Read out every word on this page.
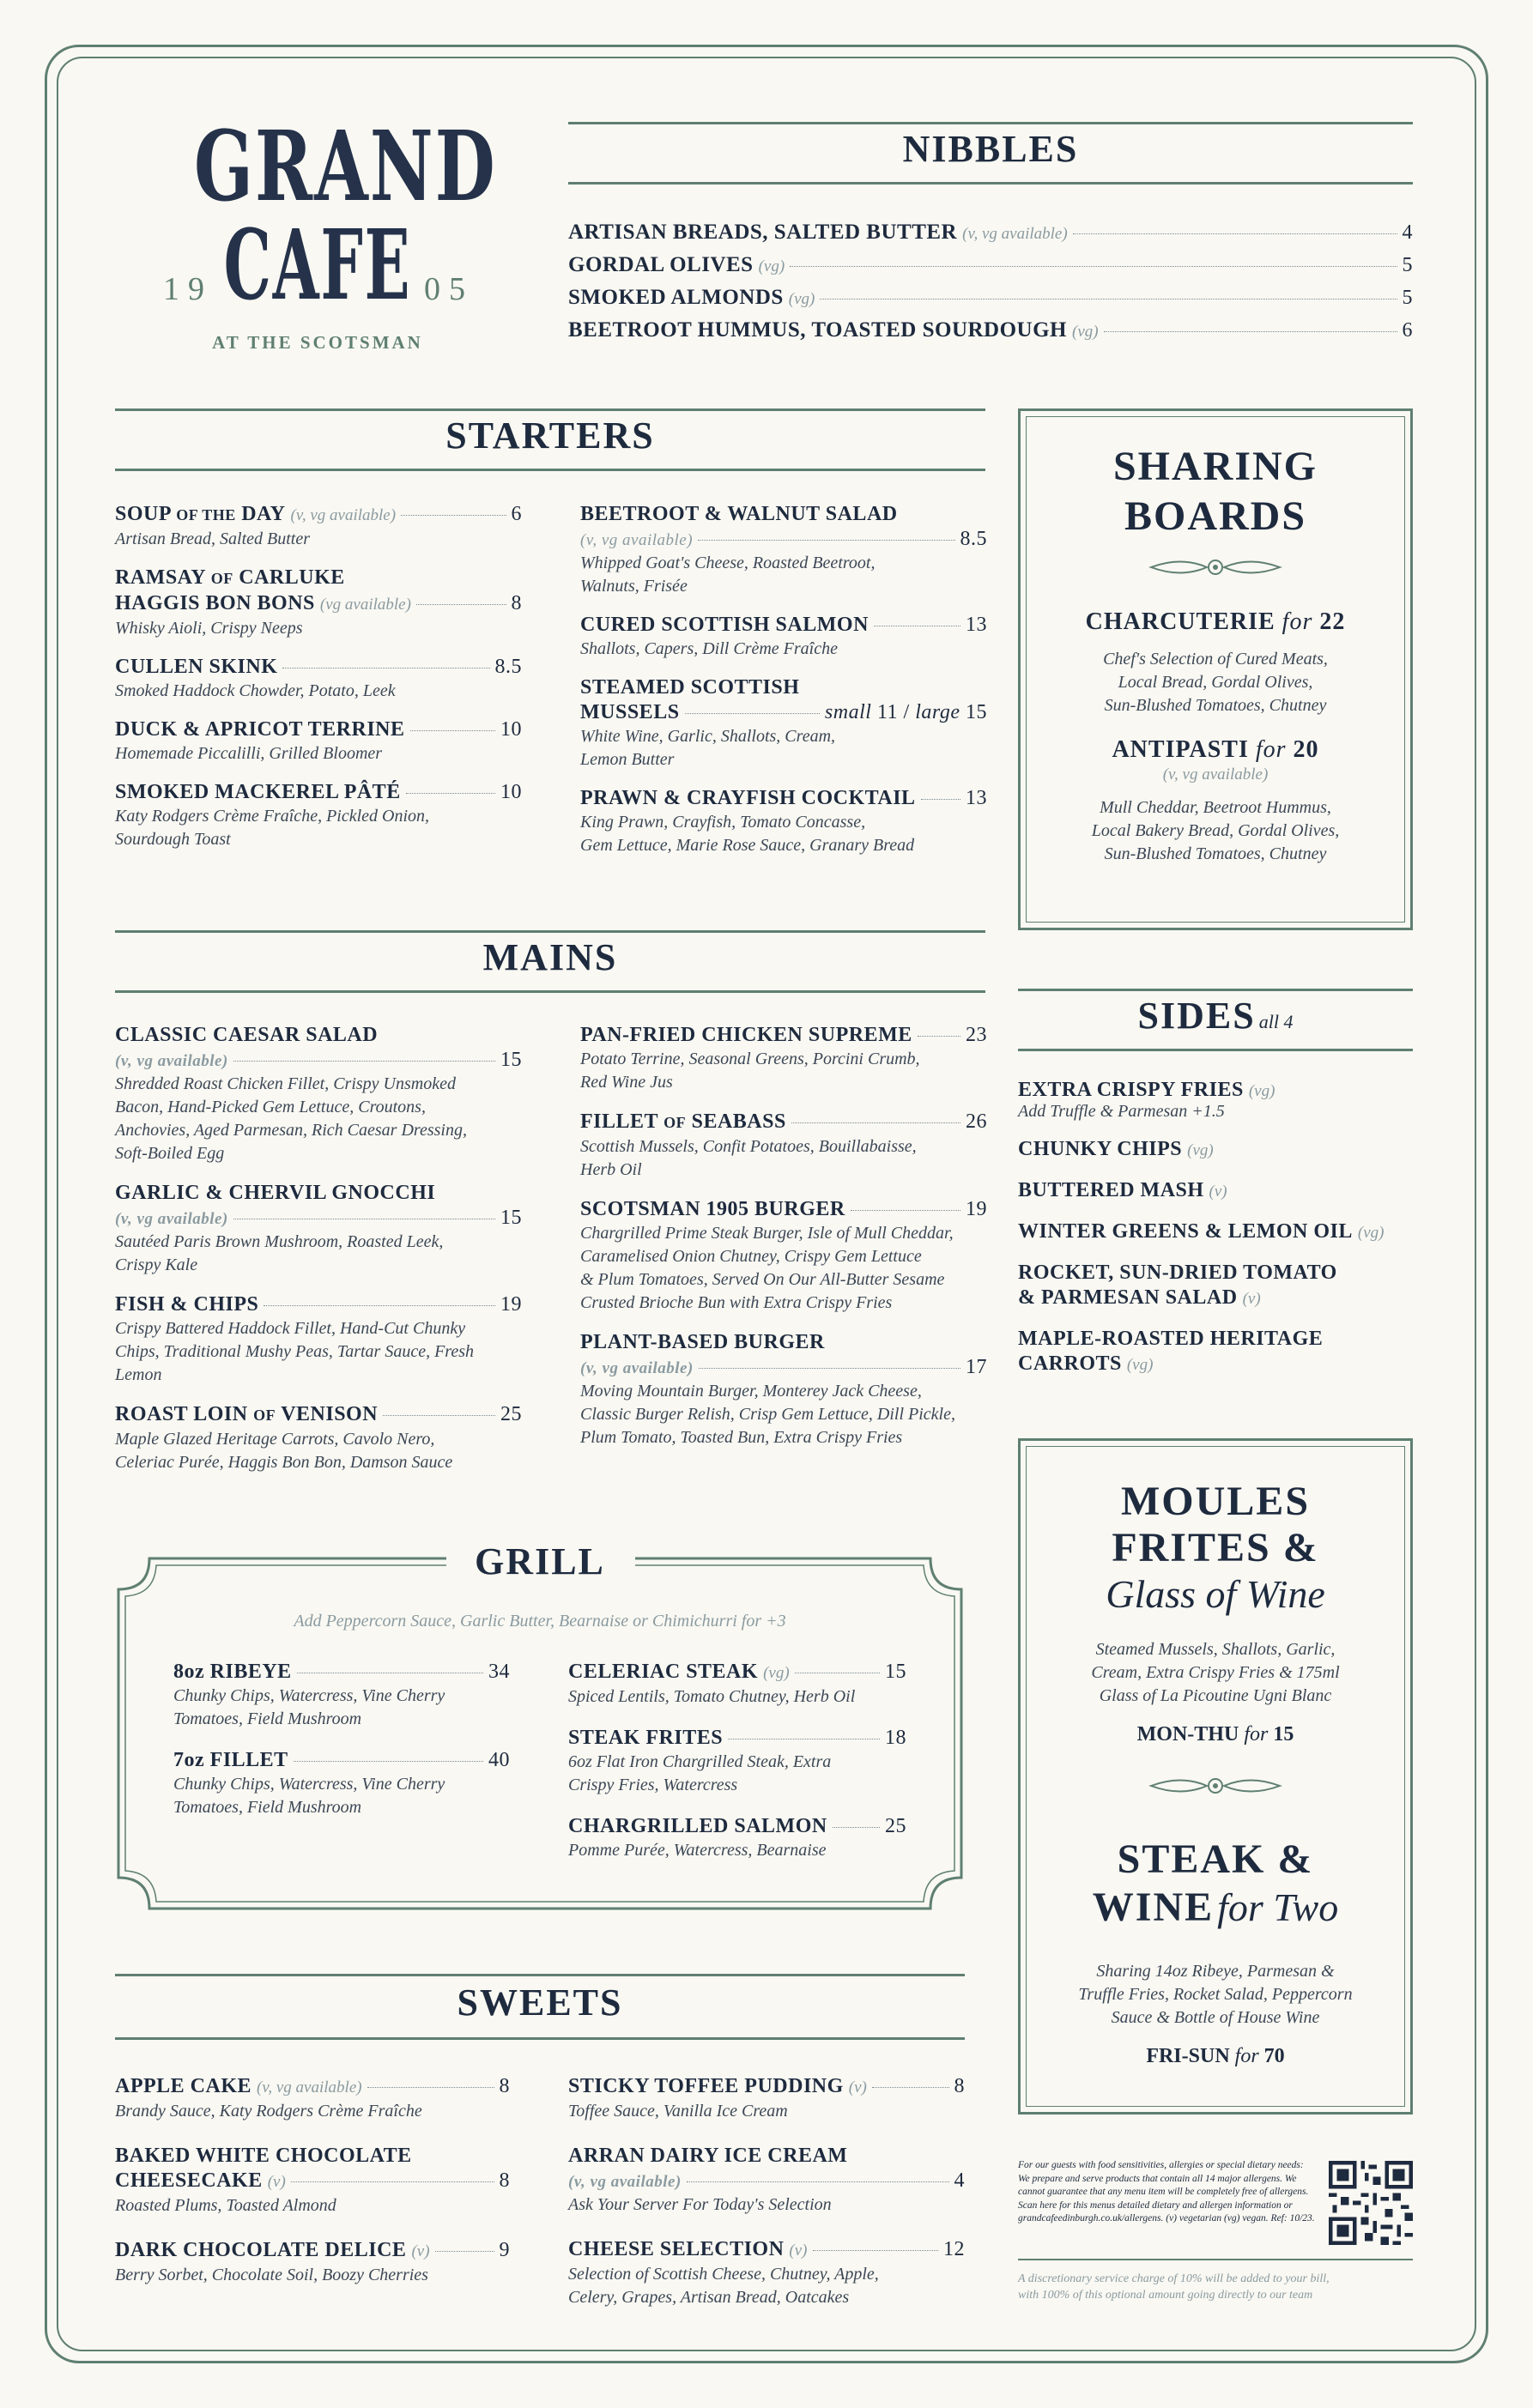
GRAND
19 CAFE 05
AT THE SCOTSMAN
NIBBLES
ARTISAN BREADS, SALTED BUTTER (v, vg available)	4
GORDAL OLIVES (vg)	5
SMOKED ALMONDS (vg)	5
BEETROOT HUMMUS, TOASTED SOURDOUGH (vg)	6
STARTERS
SOUP OF THE DAY (v, vg available)	6
Artisan Bread, Salted Butter
RAMSAY OF CARLUKE
HAGGIS BON BONS (vg available)	8
Whisky Aioli, Crispy Neeps
CULLEN SKINK	8.5
Smoked Haddock Chowder, Potato, Leek
DUCK & APRICOT TERRINE	10
Homemade Piccalilli, Grilled Bloomer
SMOKED MACKEREL PÂTÉ	10
Katy Rodgers Crème Fraîche, Pickled Onion,
Sourdough Toast
BEETROOT & WALNUT SALAD
(v, vg available)	8.5
Whipped Goat's Cheese, Roasted Beetroot,
Walnuts, Frisée
CURED SCOTTISH SALMON	13
Shallots, Capers, Dill Crème Fraîche
STEAMED SCOTTISH
MUSSELS	small 11 / large 15
White Wine, Garlic, Shallots, Cream,
Lemon Butter
PRAWN & CRAYFISH COCKTAIL 13
King Prawn, Crayfish, Tomato Concasse,
Gem Lettuce, Marie Rose Sauce, Granary Bread
SHARING
BOARDS
CHARCUTERIE for 22
Chef's Selection of Cured Meats,
Local Bread, Gordal Olives,
Sun-Blushed Tomatoes, Chutney
ANTIPASTI for 20
(v, vg available)
Mull Cheddar, Beetroot Hummus,
Local Bakery Bread, Gordal Olives,
Sun-Blushed Tomatoes, Chutney
MAINS
CLASSIC CAESAR SALAD
(v, vg available)	15
Shredded Roast Chicken Fillet, Crispy Unsmoked
Bacon, Hand-Picked Gem Lettuce, Croutons,
Anchovies, Aged Parmesan, Rich Caesar Dressing,
Soft-Boiled Egg
GARLIC & CHERVIL GNOCCHI
(v, vg available)	15
Sautéed Paris Brown Mushroom, Roasted Leek,
Crispy Kale
FISH & CHIPS	19
Crispy Battered Haddock Fillet, Hand-Cut Chunky
Chips, Traditional Mushy Peas, Tartar Sauce, Fresh
Lemon
ROAST LOIN OF VENISON	25
Maple Glazed Heritage Carrots, Cavolo Nero,
Celeriac Purée, Haggis Bon Bon, Damson Sauce
PAN-FRIED CHICKEN SUPREME	23
Potato Terrine, Seasonal Greens, Porcini Crumb,
Red Wine Jus
FILLET OF SEABASS	26
Scottish Mussels, Confit Potatoes, Bouillabaisse,
Herb Oil
SCOTSMAN 1905 BURGER	19
Chargrilled Prime Steak Burger, Isle of Mull Cheddar,
Caramelised Onion Chutney, Crispy Gem Lettuce
& Plum Tomatoes, Served On Our All-Butter Sesame
Crusted Brioche Bun with Extra Crispy Fries
PLANT-BASED BURGER
(v, vg available)	17
Moving Mountain Burger, Monterey Jack Cheese,
Classic Burger Relish, Crisp Gem Lettuce, Dill Pickle,
Plum Tomato, Toasted Bun, Extra Crispy Fries
SIDES all 4
EXTRA CRISPY FRIES (vg)
Add Truffle & Parmesan +1.5
CHUNKY CHIPS (vg)
BUTTERED MASH (v)
WINTER GREENS & LEMON OIL (vg)
ROCKET, SUN-DRIED TOMATO
& PARMESAN SALAD (v)
MAPLE-ROASTED HERITAGE
CARROTS (vg)
GRILL
Add Peppercorn Sauce, Garlic Butter, Bearnaise or Chimichurri for +3
8oz RIBEYE	34
Chunky Chips, Watercress, Vine Cherry
Tomatoes, Field Mushroom
7oz FILLET	40
Chunky Chips, Watercress, Vine Cherry
Tomatoes, Field Mushroom
CELERIAC STEAK (vg)	15
Spiced Lentils, Tomato Chutney, Herb Oil
STEAK FRITES	18
6oz Flat Iron Chargrilled Steak, Extra
Crispy Fries, Watercress
CHARGRILLED SALMON	25
Pomme Purée, Watercress, Bearnaise
MOULES
FRITES &
Glass of Wine
Steamed Mussels, Shallots, Garlic,
Cream, Extra Crispy Fries & 175ml
Glass of La Picoutine Ugni Blanc
MON-THU for 15
STEAK &
WINE for Two
Sharing 14oz Ribeye, Parmesan &
Truffle Fries, Rocket Salad, Peppercorn
Sauce & Bottle of House Wine
FRI-SUN for 70
SWEETS
APPLE CAKE (v, vg available)	8
Brandy Sauce, Katy Rodgers Crème Fraîche
BAKED WHITE CHOCOLATE
CHEESECAKE (v)	8
Roasted Plums, Toasted Almond
DARK CHOCOLATE DELICE (v)	9
Berry Sorbet, Chocolate Soil, Boozy Cherries
STICKY TOFFEE PUDDING (v)	8
Toffee Sauce, Vanilla Ice Cream
ARRAN DAIRY ICE CREAM
(v, vg available)	4
Ask Your Server For Today's Selection
CHEESE SELECTION (v)	12
Selection of Scottish Cheese, Chutney, Apple,
Celery, Grapes, Artisan Bread, Oatcakes
For our guests with food sensitivities, allergies or special dietary needs: We prepare and serve products that contain all 14 major allergens. We cannot guarantee that any menu item will be completely free of allergens. Scan here for this menus detailed dietary and allergen information or grandcafeedinburgh.co.uk/allergens. (v) vegetarian (vg) vegan. Ref: 10/23.
A discretionary service charge of 10% will be added to your bill,
with 100% of this optional amount going directly to our team
